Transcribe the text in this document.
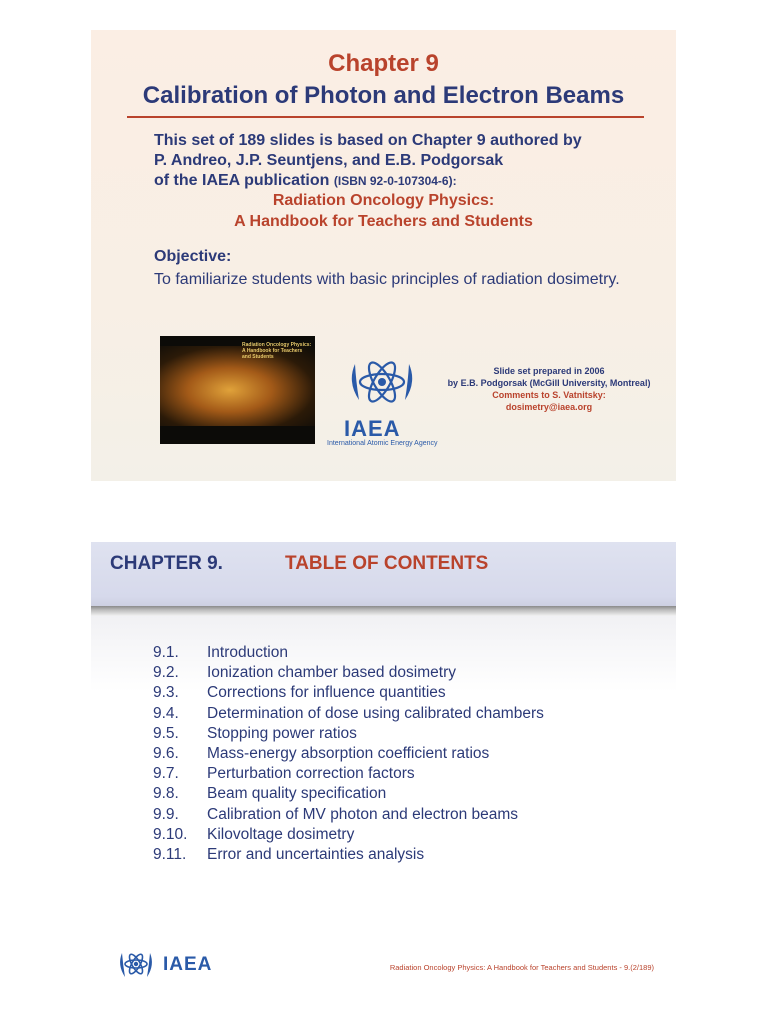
Chapter 9
Calibration of Photon and Electron Beams
This set of 189 slides is based on Chapter 9 authored by
P. Andreo, J.P. Seuntjens, and E.B. Podgorsak
of the IAEA publication (ISBN 92-0-107304-6):
Radiation Oncology Physics:
A Handbook for Teachers and Students
Objective:
To familiarize students with basic principles of radiation dosimetry.
Radiation Oncology Physics: A Handbook for Teachers and Students
IAEA
International Atomic Energy Agency
Slide set prepared in 2006
by E.B. Podgorsak (McGill University, Montreal)
Comments to S. Vatnitsky:
dosimetry@iaea.org
CHAPTER 9.	TABLE OF CONTENTS
9.1. Introduction
9.2. Ionization chamber based dosimetry
9.3. Corrections for influence quantities
9.4. Determination of dose using calibrated chambers
9.5. Stopping power ratios
9.6. Mass-energy absorption coefficient ratios
9.7. Perturbation correction factors
9.8. Beam quality specification
9.9. Calibration of MV photon and electron beams
9.10. Kilovoltage dosimetry
9.11. Error and uncertainties analysis
IAEA	Radiation Oncology Physics: A Handbook for Teachers and Students - 9.(2/189)
